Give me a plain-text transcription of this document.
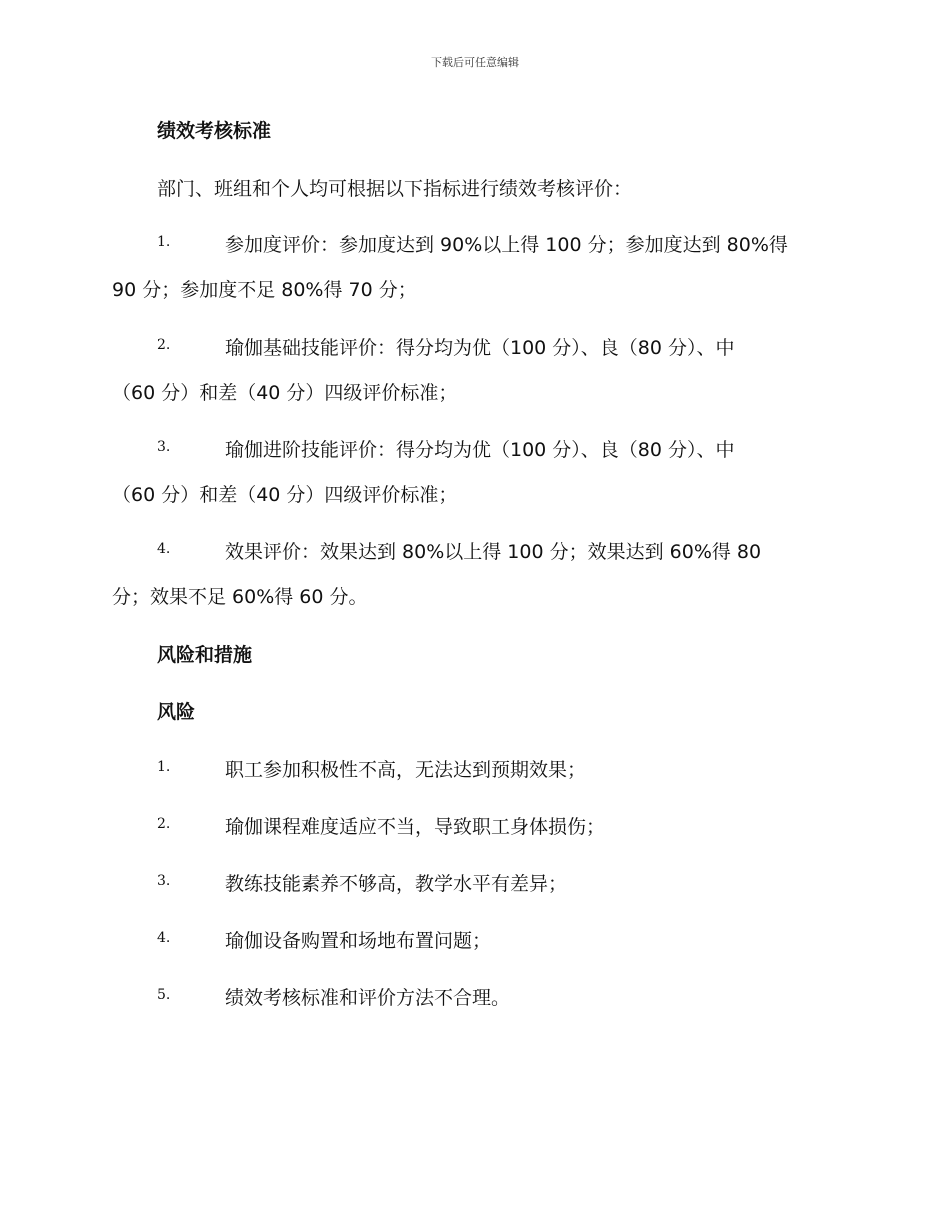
下载后可任意编辑
绩效考核标准
部门、班组和个人均可根据以下指标进行绩效考核评价：
1.	参加度评价：参加度达到 90%以上得 100 分；参加度达到 80%得
90 分；参加度不足 80%得 70 分；
2.	瑜伽基础技能评价：得分均为优（100 分）、良（80 分）、中
（60 分）和差（40 分）四级评价标准；
3.	瑜伽进阶技能评价：得分均为优（100 分）、良（80 分）、中
（60 分）和差（40 分）四级评价标准；
4.	效果评价：效果达到 80%以上得 100 分；效果达到 60%得 80
分；效果不足 60%得 60 分。
风险和措施
风险
1.	职工参加积极性不高，无法达到预期效果；
2.	瑜伽课程难度适应不当，导致职工身体损伤；
3.	教练技能素养不够高，教学水平有差异；
4.	瑜伽设备购置和场地布置问题；
5.	绩效考核标准和评价方法不合理。
